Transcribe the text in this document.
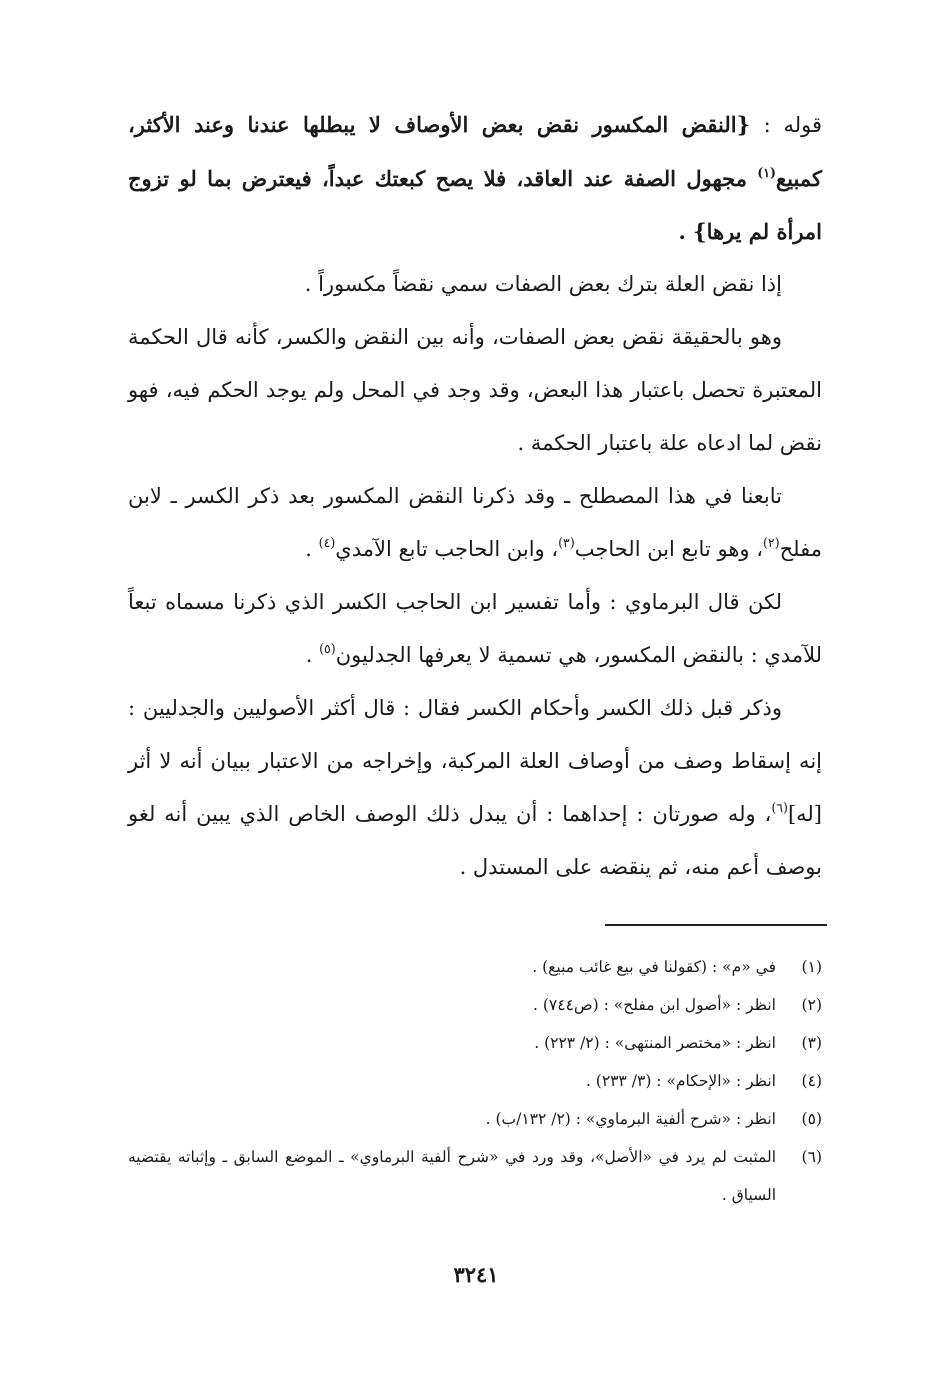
قوله : {النقض المكسور نقض بعض الأوصاف لا يبطلها عندنا وعند الأكثر، كمبيع$^{(١)}$ مجهول الصفة عند العاقد، فلا يصح كبعتك عبداً، فيعترض بما لو تزوج امرأة لم يرها} .

إذا نقض العلة بترك بعض الصفات سمي نقضاً مكسوراً .

وهو بالحقيقة نقض بعض الصفات، وأنه بين النقض والكسر، كأنه قال الحكمة المعتبرة تحصل باعتبار هذا البعض، وقد وجد في المحل ولم يوجد الحكم فيه، فهو نقض لما ادعاه علة باعتبار الحكمة .

تابعنا في هذا المصطلح ـ وقد ذكرنا النقض المكسور بعد ذكر الكسر ـ لابن مفلح$^{(٢)}$، وهو تابع ابن الحاجب$^{(٣)}$، وابن الحاجب تابع الآمدي$^{(٤)}$ .

لكن قال البرماوي : وأما تفسير ابن الحاجب الكسر الذي ذكرنا مسماه تبعاً للآمدي : بالنقض المكسور، هي تسمية لا يعرفها الجدليون$^{(٥)}$ .

وذكر قبل ذلك الكسر وأحكام الكسر فقال : قال أكثر الأصوليين والجدليين : إنه إسقاط وصف من أوصاف العلة المركبة، وإخراجه من الاعتبار ببيان أنه لا أثر [له]$^{(٦)}$، وله صورتان : إحداهما : أن يبدل ذلك الوصف الخاص الذي يبين أنه لغو بوصف أعم منه، ثم ينقضه على المستدل .

(١)
في «م» : (كقولنا في بيع غائب مبيع) .
(٢)
انظر : «أصول ابن مفلح» : (ص٧٤٤) .
(٣)
انظر : «مختصر المنتهى» : (٢/ ٢٢٣) .
(٤)
انظر : «الإحكام» : (٣/ ٢٣٣) .
(٥)
انظر : «شرح ألفية البرماوي» : (٢/ ١٣٢/ب) .
(٦)
المثبت لم يرد في «الأصل»، وقد ورد في «شرح ألفية البرماوي» ـ الموضع السابق ـ وإثباته يقتضيه السياق .
٣٢٤١
